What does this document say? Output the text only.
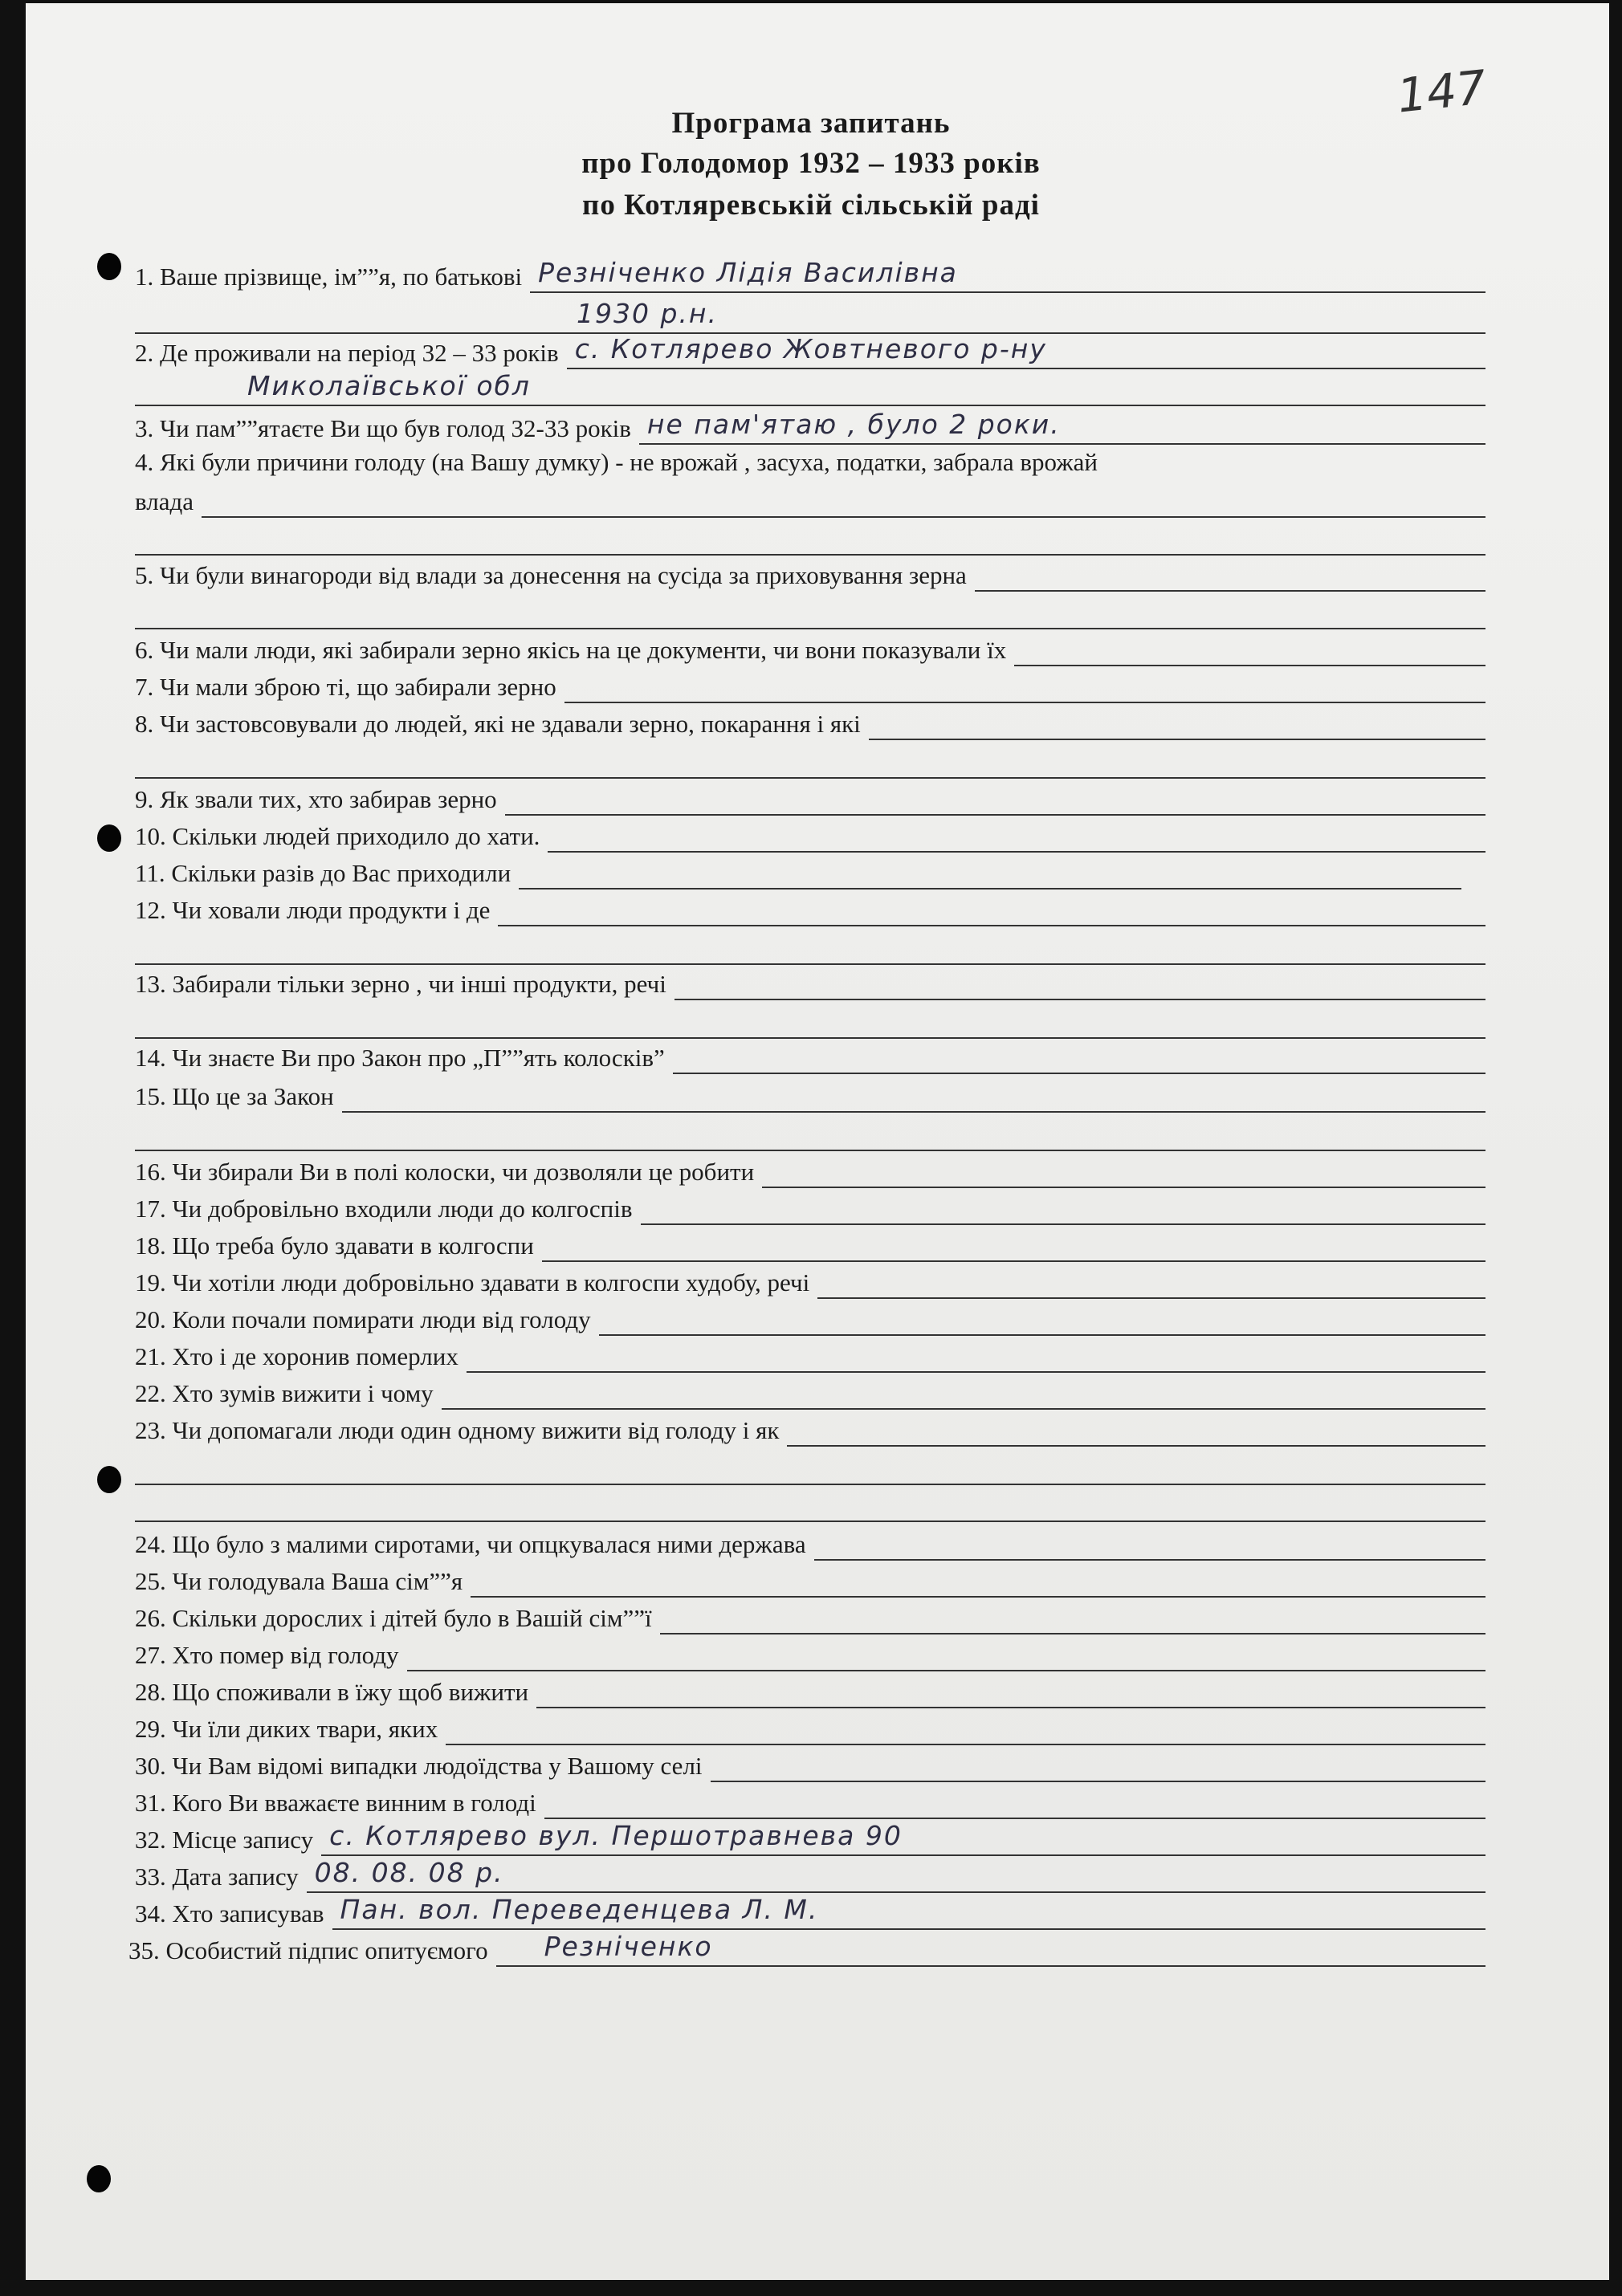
147
Програма запитань
про Голодомор 1932 – 1933 років
по Котляревській сільській раді
1. Ваше прізвище, ім””я, по батькові Резніченко Лідія Василівна
1930 р.н.
2. Де проживали на період 32 – 33 років с. Котлярево Жовтневого р-ну
Миколаївської обл
3. Чи пам””ятаєте Ви що був голод 32-33 років не пам'ятаю , було 2 роки.
4. Які були причини голоду (на Вашу думку) - не врожай , засуха, податки, забрала врожай
влада
5. Чи були винагороди від влади за донесення на сусіда за приховування зерна
6. Чи мали люди, які забирали зерно якісь на це документи, чи вони показували їх
7. Чи мали зброю ті, що забирали зерно
8. Чи застовсовували до людей, які не здавали зерно, покарання і які
9. Як звали тих, хто забирав зерно
10. Скільки людей приходило до хати.
11. Скільки разів до Вас приходили
12. Чи ховали люди продукти і де
13. Забирали тільки зерно , чи інші продукти, речі
14. Чи знаєте Ви про Закон про „П””ять колосків”
15. Що це за Закон
16. Чи збирали Ви в полі колоски, чи дозволяли це робити
17. Чи добровільно входили люди до колгоспів
18. Що треба було здавати в колгоспи
19. Чи хотіли люди добровільно здавати в колгоспи худобу, речі
20. Коли почали помирати люди від голоду
21. Хто і де хоронив померлих
22. Хто зумів вижити і чому
23. Чи допомагали люди один одному вижити від голоду і як
24. Що було з малими сиротами, чи опцкувалася ними держава
25. Чи голодувала Ваша сім””я
26. Скільки дорослих і дітей було в Вашій сім””ї
27. Хто помер від голоду
28. Що споживали в їжу щоб вижити
29. Чи їли диких твари, яких
30. Чи Вам відомі випадки людоїдства у Вашому селі
31. Кого Ви вважаєте винним в голоді
32. Місце запису с. Котлярево вул. Першотравнева 90
33. Дата запису 08. 08. 08 р.
34. Хто записував Пан. вол. Переведенцева Л. М.
35. Особистий підпис опитуємого Резніченко
